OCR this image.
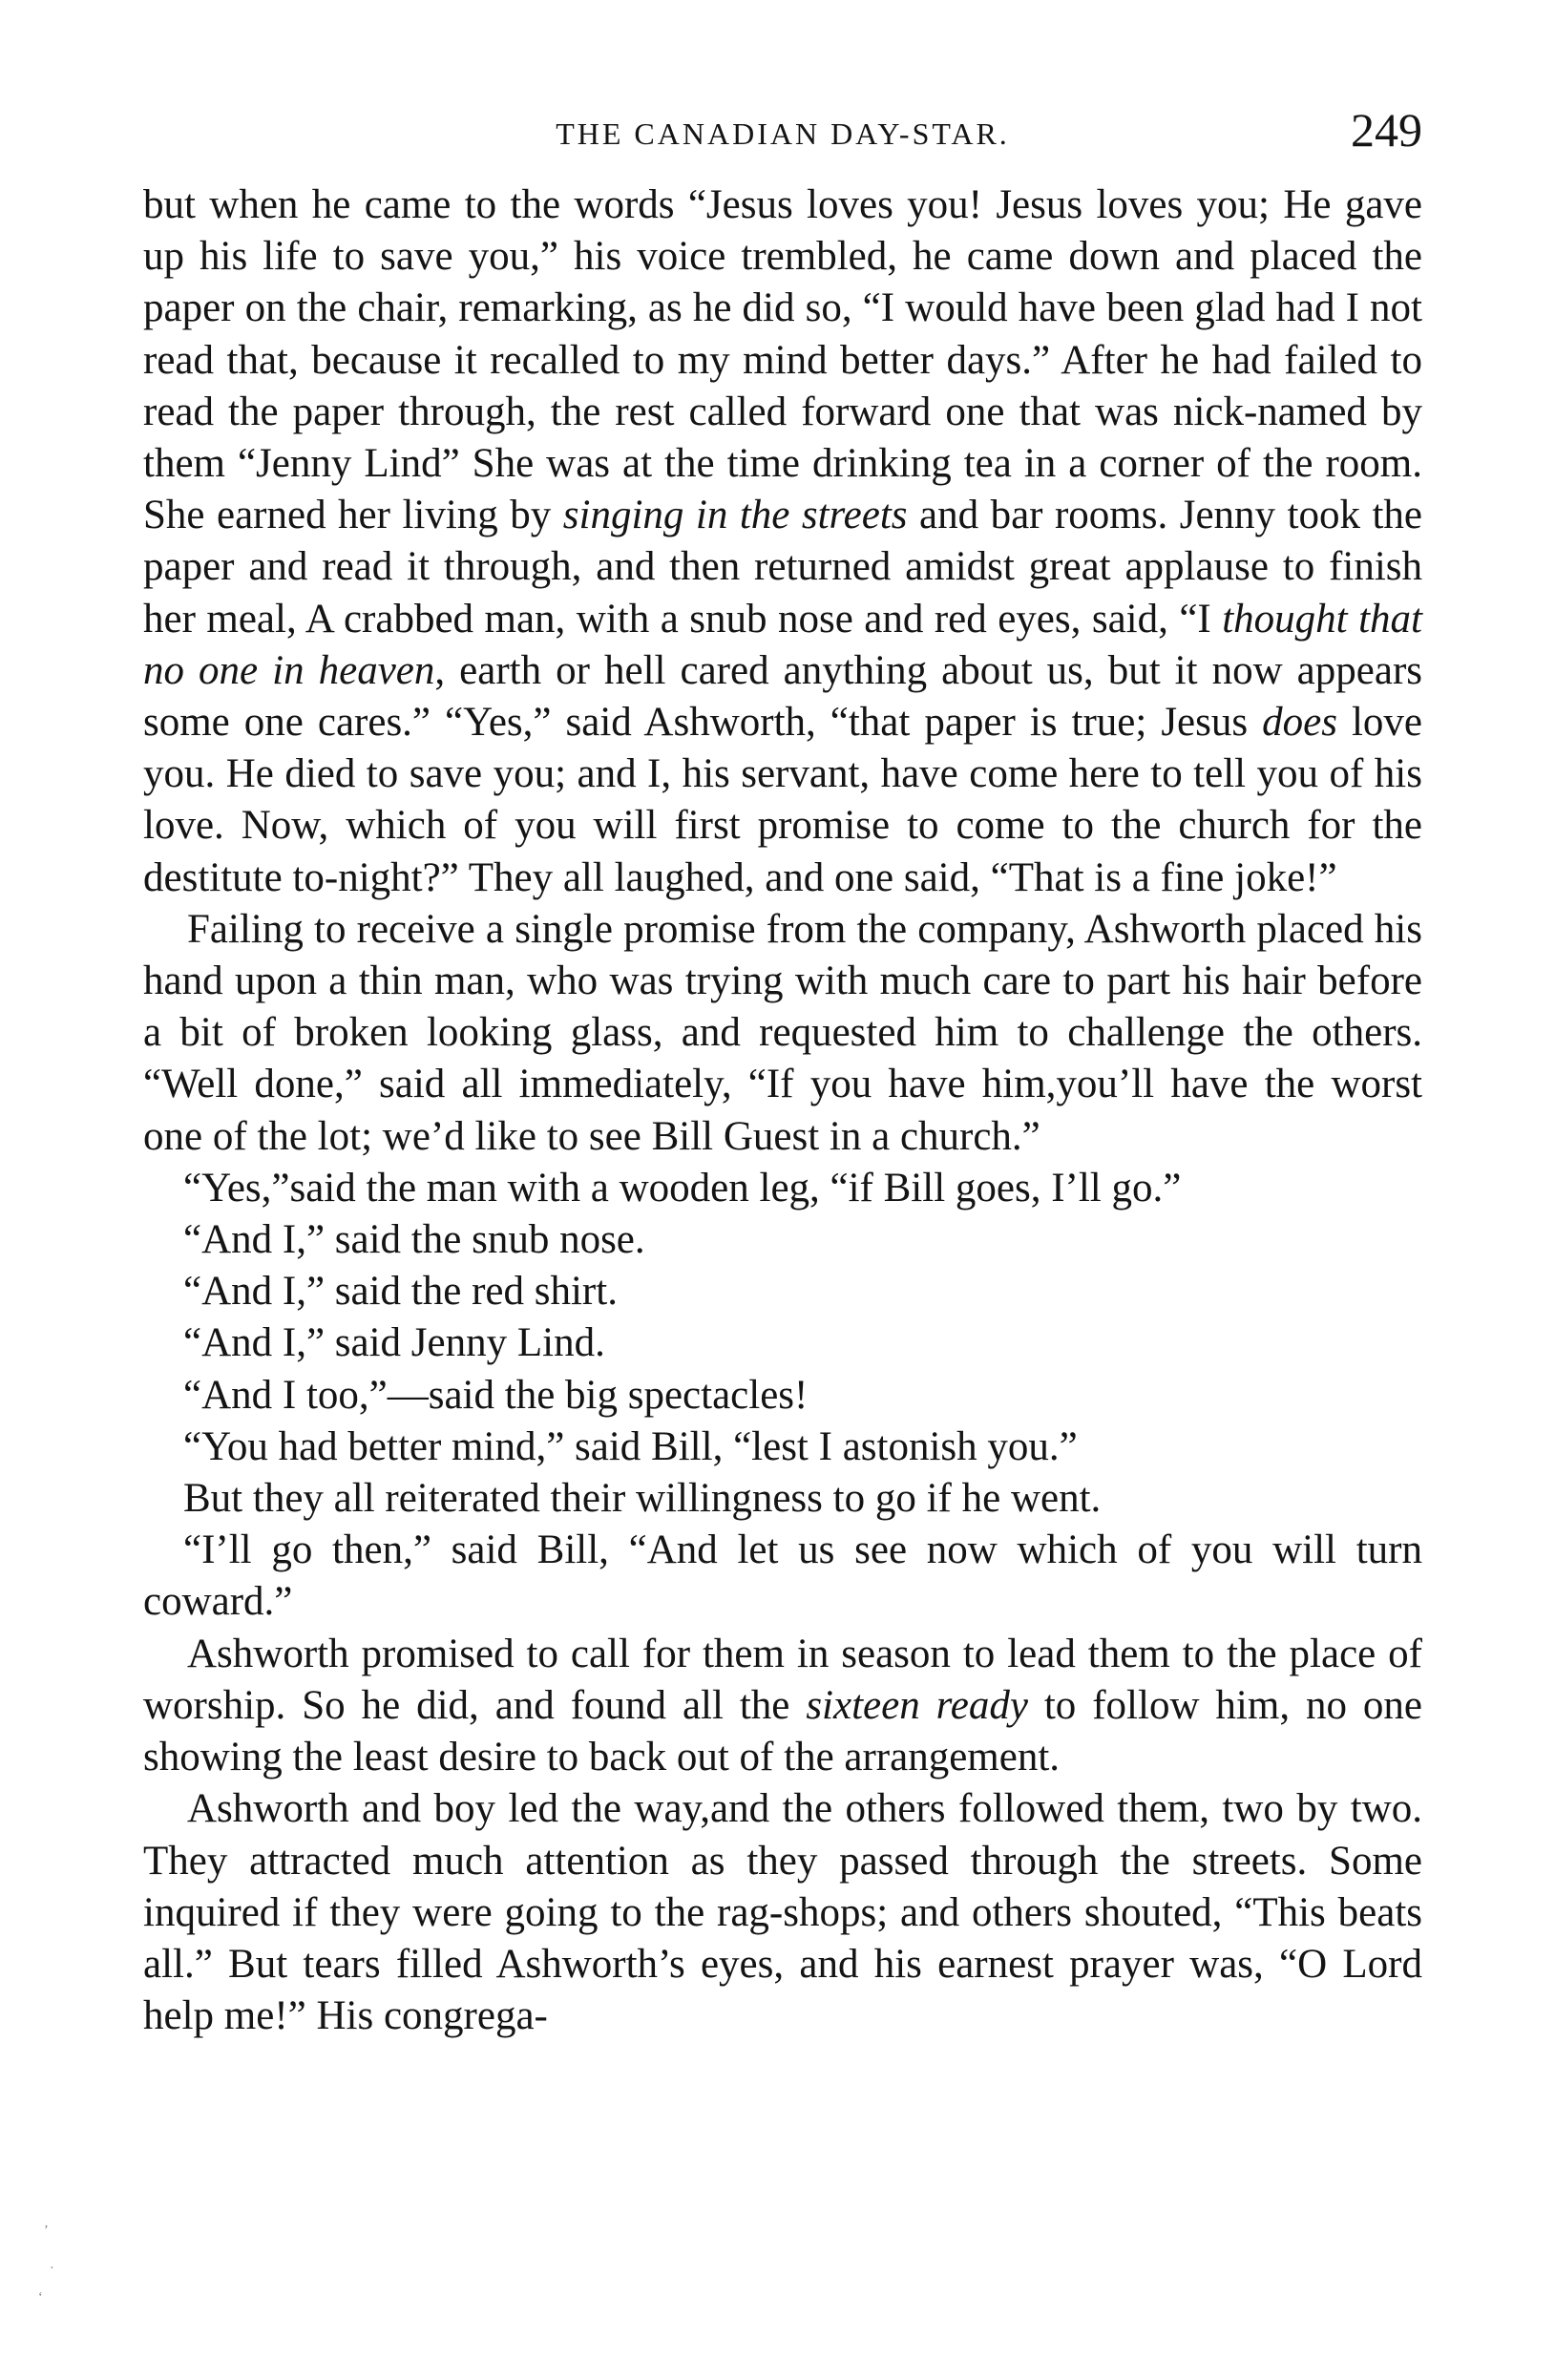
THE CANADIAN DAY-STAR.	249

but when he came to the words “Jesus loves you! Jesus loves you; He gave up his life to save you,” his voice trembled, he came down and placed the paper on the chair, remarking, as he did so, “I would have been glad had I not read that, because it recalled to my mind better days.” After he had failed to read the paper through, the rest called forward one that was nick-named by them “Jenny Lind” She was at the time drinking tea in a corner of the room. She earned her living by singing in the streets and bar rooms. Jenny took the paper and read it through, and then returned amidst great applause to finish her meal, A crabbed man, with a snub nose and red eyes, said, “I thought that no one in heaven, earth or hell cared anything about us, but it now appears some one cares.” “Yes,” said Ashworth, “that paper is true; Jesus does love you. He died to save you; and I, his servant, have come here to tell you of his love. Now, which of you will first promise to come to the church for the destitute to-night?” They all laughed, and one said, “That is a fine joke!”

Failing to receive a single promise from the company, Ashworth placed his hand upon a thin man, who was trying with much care to part his hair before a bit of broken looking glass, and requested him to challenge the others. “Well done,” said all immediately, “If you have him,you’ll have the worst one of the lot; we’d like to see Bill Guest in a church.”

“Yes,”said the man with a wooden leg, “if Bill goes, I’ll go.”
“And I,” said the snub nose.
“And I,” said the red shirt.
“And I,” said Jenny Lind.
“And I too,”—said the big spectacles!
“You had better mind,” said Bill, “lest I astonish you.”
But they all reiterated their willingness to go if he went.

“I’ll go then,” said Bill, “And let us see now which of you will turn coward.”

Ashworth promised to call for them in season to lead them to the place of worship. So he did, and found all the sixteen ready to follow him, no one showing the least desire to back out of the arrangement.

Ashworth and boy led the way,and the others followed them, two by two. They attracted much attention as they passed through the streets. Some inquired if they were going to the rag-shops; and others shouted, “This beats all.” But tears filled Ashworth’s eyes, and his earnest prayer was, “O Lord help me!” His congrega-

’
·
‘
